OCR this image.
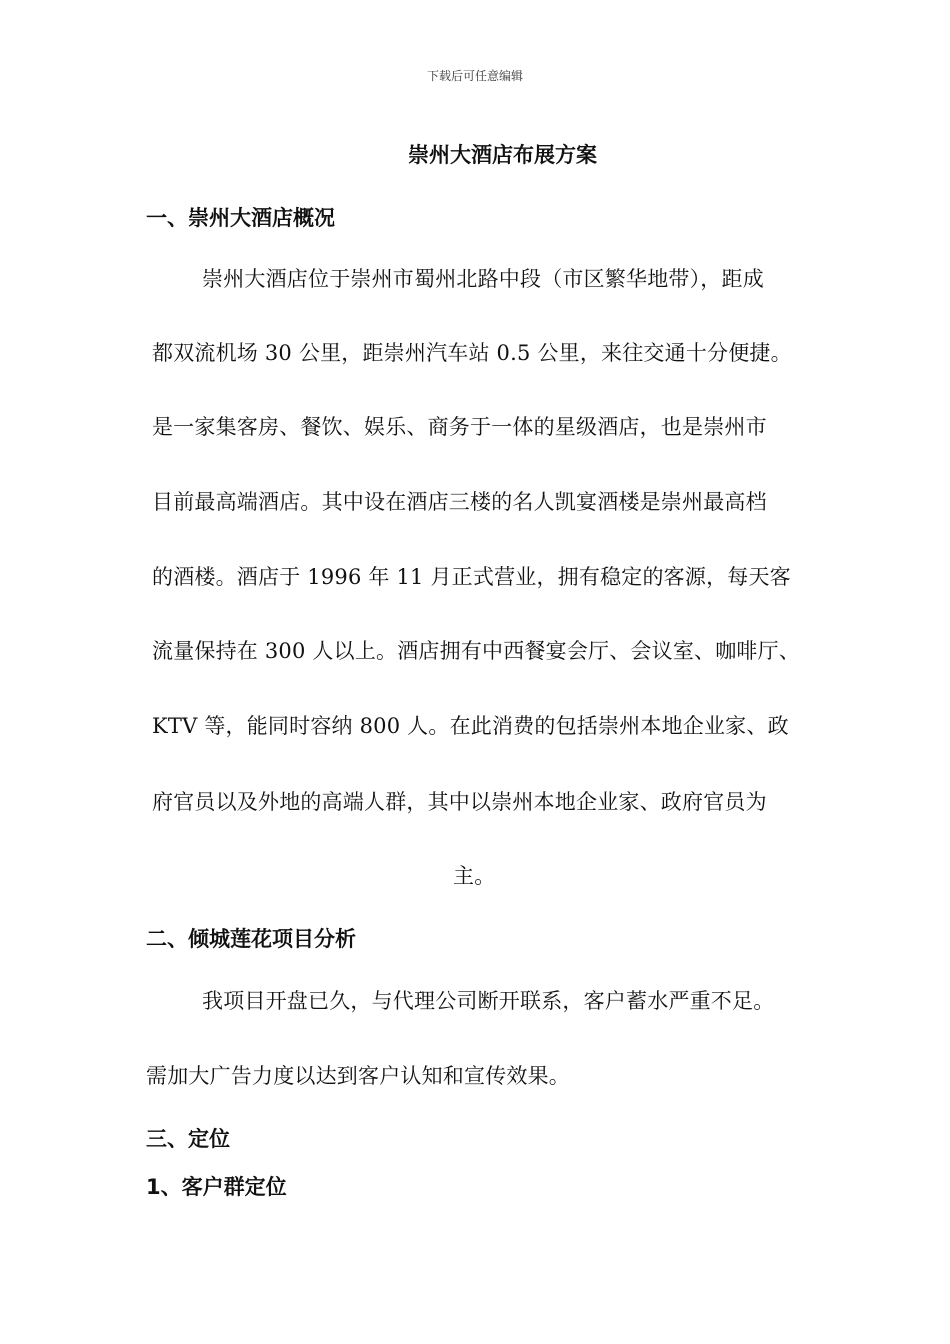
下载后可任意编辑
崇州大酒店布展方案
一、崇州大酒店概况
崇州大酒店位于崇州市蜀州北路中段（市区繁华地带），距成
都双流机场 30 公里，距崇州汽车站 0.5 公里，来往交通十分便捷。
是一家集客房、餐饮、娱乐、商务于一体的星级酒店，也是崇州市
目前最高端酒店。其中设在酒店三楼的名人凯宴酒楼是崇州最高档
的酒楼。酒店于 1996 年 11 月正式营业，拥有稳定的客源，每天客
流量保持在 300 人以上。酒店拥有中西餐宴会厅、会议室、咖啡厅、
KTV 等，能同时容纳 800 人。在此消费的包括崇州本地企业家、政
府官员以及外地的高端人群，其中以崇州本地企业家、政府官员为
主。
二、倾城莲花项目分析
我项目开盘已久，与代理公司断开联系，客户蓄水严重不足。
需加大广告力度以达到客户认知和宣传效果。
三、定位
1、客户群定位
